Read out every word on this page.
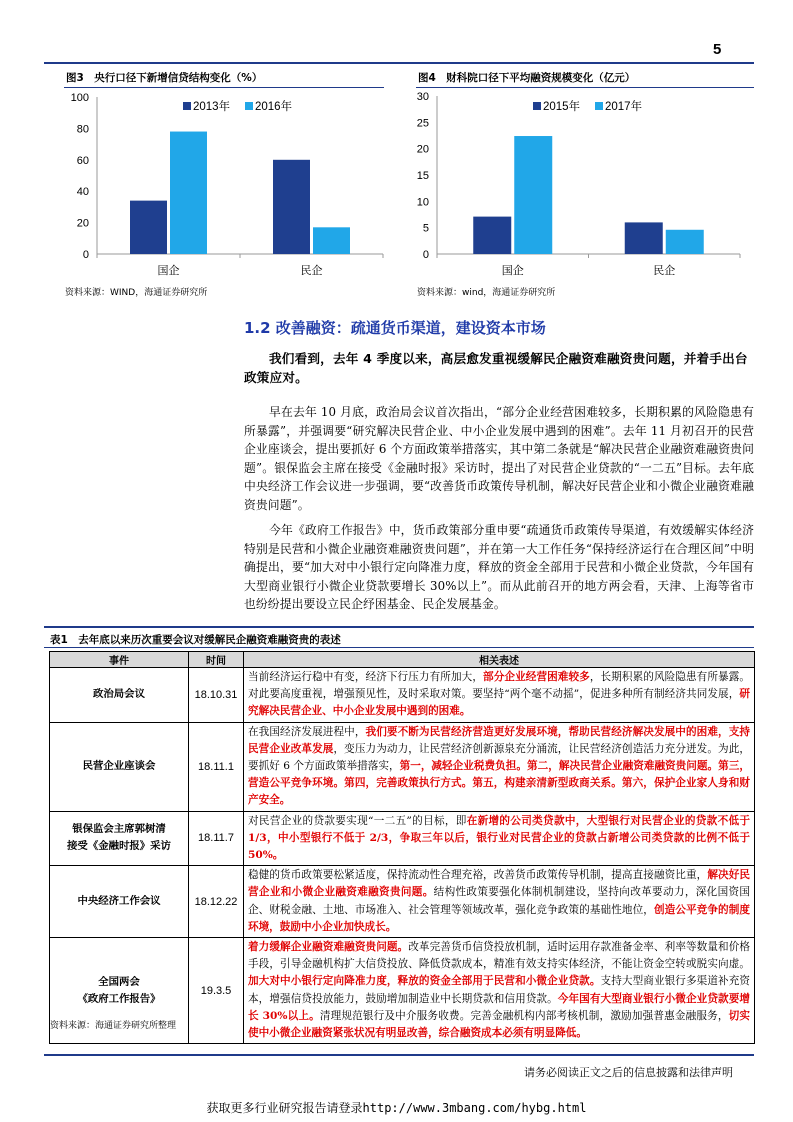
5
图3　央行口径下新增信贷结构变化（%）
0
20
40
60
80
100
国企	民企
2013年 2016年
资料来源：WIND，海通证券研究所
图4　财科院口径下平均融资规模变化（亿元）
0
5
10
15
20
25
30
国企	民企
2015年 2017年
资料来源：wind，海通证券研究所
1.2 改善融资：疏通货币渠道，建设资本市场
我们看到，去年 4 季度以来，高层愈发重视缓解民企融资难融资贵问题，并着手出台政策应对。
早在去年 10 月底，政治局会议首次指出，“部分企业经营困难较多，长期积累的风险隐患有所暴露”，并强调要“研究解决民营企业、中小企业发展中遇到的困难”。去年 11 月初召开的民营企业座谈会，提出要抓好 6 个方面政策举措落实，其中第二条就是“解决民营企业融资难融资贵问题”。银保监会主席在接受《金融时报》采访时，提出了对民营企业贷款的“一二五”目标。去年底中央经济工作会议进一步强调，要“改善货币政策传导机制，解决好民营企业和小微企业融资难融资贵问题”。
今年《政府工作报告》中，货币政策部分重申要“疏通货币政策传导渠道，有效缓解实体经济特别是民营和小微企业融资难融资贵问题”，并在第一大工作任务“保持经济运行在合理区间”中明确提出，要“加大对中小银行定向降准力度，释放的资金全部用于民营和小微企业贷款，今年国有大型商业银行小微企业贷款要增长 30%以上”。而从此前召开的地方两会看，天津、上海等省市也纷纷提出要设立民企纾困基金、民企发展基金。
表1　去年底以来历次重要会议对缓解民企融资难融资贵的表述
事件	时间	相关表述
政治局会议	18.10.31	当前经济运行稳中有变，经济下行压力有所加大，部分企业经营困难较多，长期积累的风险隐患有所暴露。对此要高度重视，增强预见性，及时采取对策。要坚持“两个毫不动摇”，促进多种所有制经济共同发展，研究解决民营企业、中小企业发展中遇到的困难。
民营企业座谈会	18.11.1	在我国经济发展进程中，我们要不断为民营经济营造更好发展环境，帮助民营经济解决发展中的困难，支持民营企业改革发展，变压力为动力，让民营经济创新源泉充分涌流，让民营经济创造活力充分迸发。为此，要抓好 6 个方面政策举措落实，第一，减轻企业税费负担。第二，解决民营企业融资难融资贵问题。第三，营造公平竞争环境。第四，完善政策执行方式。第五，构建亲清新型政商关系。第六，保护企业家人身和财产安全。
银保监会主席郭树清
接受《金融时报》采访	18.11.7	对民营企业的贷款要实现“一二五”的目标，即在新增的公司类贷款中，大型银行对民营企业的贷款不低于 1/3，中小型银行不低于 2/3，争取三年以后，银行业对民营企业的贷款占新增公司类贷款的比例不低于 50%。
中央经济工作会议	18.12.22	稳健的货币政策要松紧适度，保持流动性合理充裕，改善货币政策传导机制，提高直接融资比重，解决好民营企业和小微企业融资难融资贵问题。结构性政策要强化体制机制建设，坚持向改革要动力，深化国资国企、财税金融、土地、市场准入、社会管理等领域改革，强化竞争政策的基础性地位，创造公平竞争的制度环境，鼓励中小企业加快成长。
全国两会
《政府工作报告》	19.3.5	着力缓解企业融资难融资贵问题。改革完善货币信贷投放机制，适时运用存款准备金率、利率等数量和价格手段，引导金融机构扩大信贷投放、降低贷款成本，精准有效支持实体经济，不能让资金空转或脱实向虚。加大对中小银行定向降准力度，释放的资金全部用于民营和小微企业贷款。支持大型商业银行多渠道补充资本，增强信贷投放能力，鼓励增加制造业中长期贷款和信用贷款。今年国有大型商业银行小微企业贷款要增长 30%以上。清理规范银行及中介服务收费。完善金融机构内部考核机制，激励加强普惠金融服务，切实使中小微企业融资紧张状况有明显改善，综合融资成本必须有明显降低。
资料来源：海通证券研究所整理
请务必阅读正文之后的信息披露和法律声明
获取更多行业研究报告请登录http://www.3mbang.com/hybg.html
